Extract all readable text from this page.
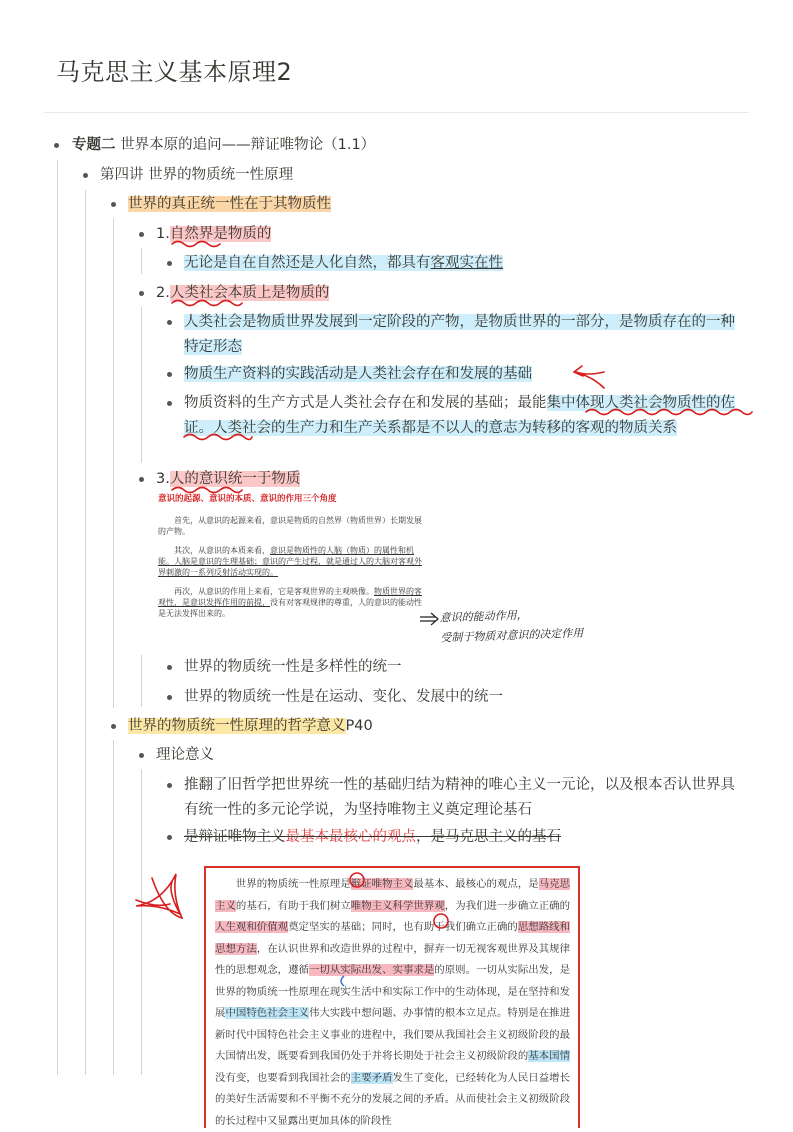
马克思主义基本原理2
专题二 世界本原的追问——辩证唯物论（1.1）
第四讲 世界的物质统一性原理
世界的真正统一性在于其物质性
1.自然界是物质的
无论是自在自然还是人化自然，都具有客观实在性
2.人类社会本质上是物质的
人类社会是物质世界发展到一定阶段的产物，是物质世界的一部分，是物质存在的一种特定形态
物质生产资料的实践活动是人类社会存在和发展的基础
物质资料的生产方式是人类社会存在和发展的基础；最能集中体现人类社会物质性的佐证。人类社会的生产力和生产关系都是不以人的意志为转移的客观的物质关系
3.人的意识统一于物质
意识的起源、意识的本质、意识的作用三个角度

首先，从意识的起源来看，意识是物质的自然界（物质世界）长期发展的产物。

其次，从意识的本质来看，意识是物质性的人脑（物质）的属性和机能。人脑是意识的生理基础；意识的产生过程，就是通过人的大脑对客观外界刺激的一系列反射活动实现的。

再次，从意识的作用上来看，它是客观世界的主观映像。物质世界的客观性，是意识发挥作用的前提，没有对客观规律的尊重，人的意识的能动性是无法发挥出来的。	意识的能动作用，
受制于物质对意识的决定作用
世界的物质统一性是多样性的统一
世界的物质统一性是在运动、变化、发展中的统一
世界的物质统一性原理的哲学意义P40
理论意义
推翻了旧哲学把世界统一性的基础归结为精神的唯心主义一元论，以及根本否认世界具有统一性的多元论学说，为坚持唯物主义奠定理论基石
是辩证唯物主义最基本最核心的观点，是马克思主义的基石

世界的物质统一性原理是辩证唯物主义最基本、最核心的观点，是马克思主义的基石，有助于我们树立唯物主义科学世界观，为我们进一步确立正确的人生观和价值观奠定坚实的基础；同时，也有助于我们确立正确的思想路线和思想方法，在认识世界和改造世界的过程中，摒弃一切无视客观世界及其规律性的思想观念，遵循一切从实际出发、实事求是的原则。一切从实际出发，是世界的物质统一性原理在现实生活中和实际工作中的生动体现，是在坚持和发展中国特色社会主义伟大实践中想问题、办事情的根本立足点。特别是在推进新时代中国特色社会主义事业的进程中，我们要从我国社会主义初级阶段的最大国情出发，既要看到我国仍处于并将长期处于社会主义初级阶段的基本国情没有变，也要看到我国社会的主要矛盾发生了变化，已经转化为人民日益增长的美好生活需要和不平衡不充分的发展之间的矛盾。从而使社会主义初级阶段的长过程中又显露出更加具体的阶段性
